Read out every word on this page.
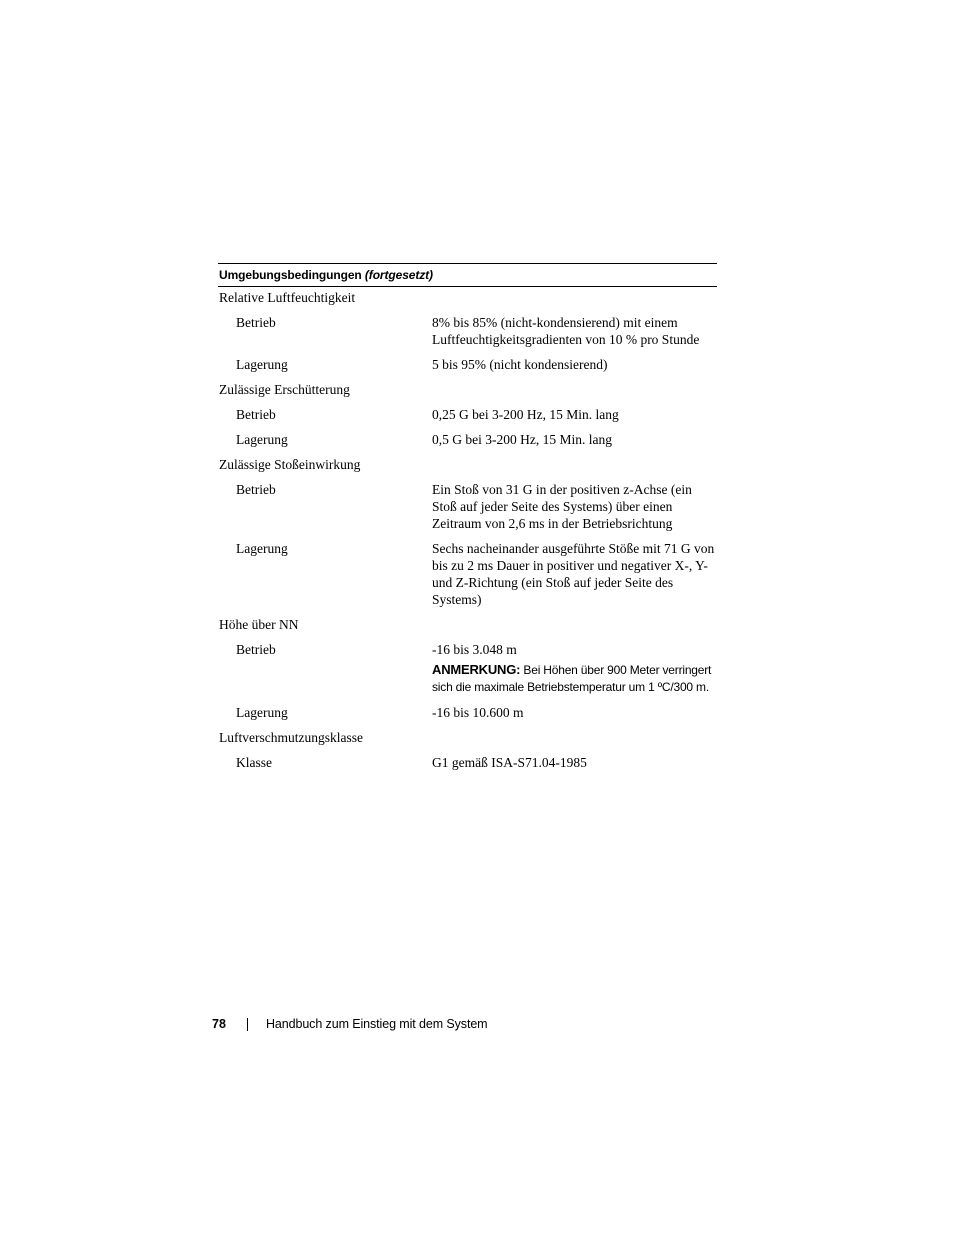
Umgebungsbedingungen (fortgesetzt)
Relative Luftfeuchtigkeit
Betrieb	8% bis 85% (nicht-kondensierend) mit einem Luftfeuchtigkeitsgradienten von 10 % pro Stunde
Lagerung	5 bis 95% (nicht kondensierend)
Zulässige Erschütterung
Betrieb	0,25 G bei 3-200 Hz, 15 Min. lang
Lagerung	0,5 G bei 3-200 Hz, 15 Min. lang
Zulässige Stoßeinwirkung
Betrieb	Ein Stoß von 31 G in der positiven z-Achse (ein Stoß auf jeder Seite des Systems) über einen Zeitraum von 2,6 ms in der Betriebsrichtung
Lagerung	Sechs nacheinander ausgeführte Stöße mit 71 G von bis zu 2 ms Dauer in positiver und negativer X-, Y- und Z-Richtung (ein Stoß auf jeder Seite des Systems)
Höhe über NN
Betrieb	-16 bis 3.048 m
ANMERKUNG: Bei Höhen über 900 Meter verringert sich die maximale Betriebstemperatur um 1 ºC/300 m.
Lagerung	-16 bis 10.600 m
Luftverschmutzungsklasse
Klasse	G1 gemäß ISA-S71.04-1985
78	Handbuch zum Einstieg mit dem System
